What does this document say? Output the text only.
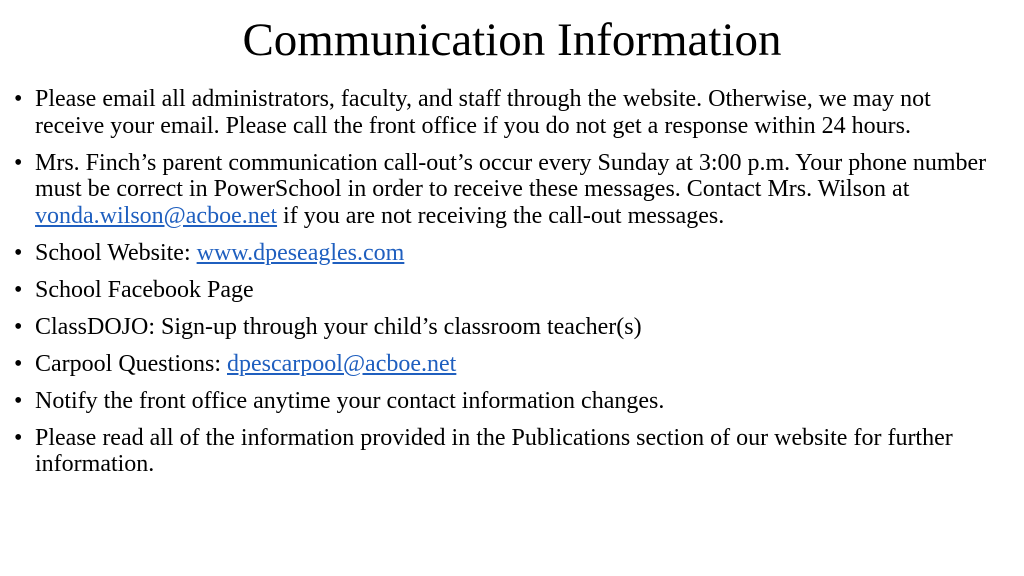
Communication Information
• Please email all administrators, faculty, and staff through the website. Otherwise, we may not receive your email. Please call the front office if you do not get a response within 24 hours.
• Mrs. Finch’s parent communication call-out’s occur every Sunday at 3:00 p.m. Your phone number must be correct in PowerSchool in order to receive these messages. Contact Mrs. Wilson at vonda.wilson@acboe.net if you are not receiving the call-out messages.
• School Website: www.dpeseagles.com
• School Facebook Page
• ClassDOJO: Sign-up through your child’s classroom teacher(s)
• Carpool Questions: dpescarpool@acboe.net
• Notify the front office anytime your contact information changes.
• Please read all of the information provided in the Publications section of our website for further information.
